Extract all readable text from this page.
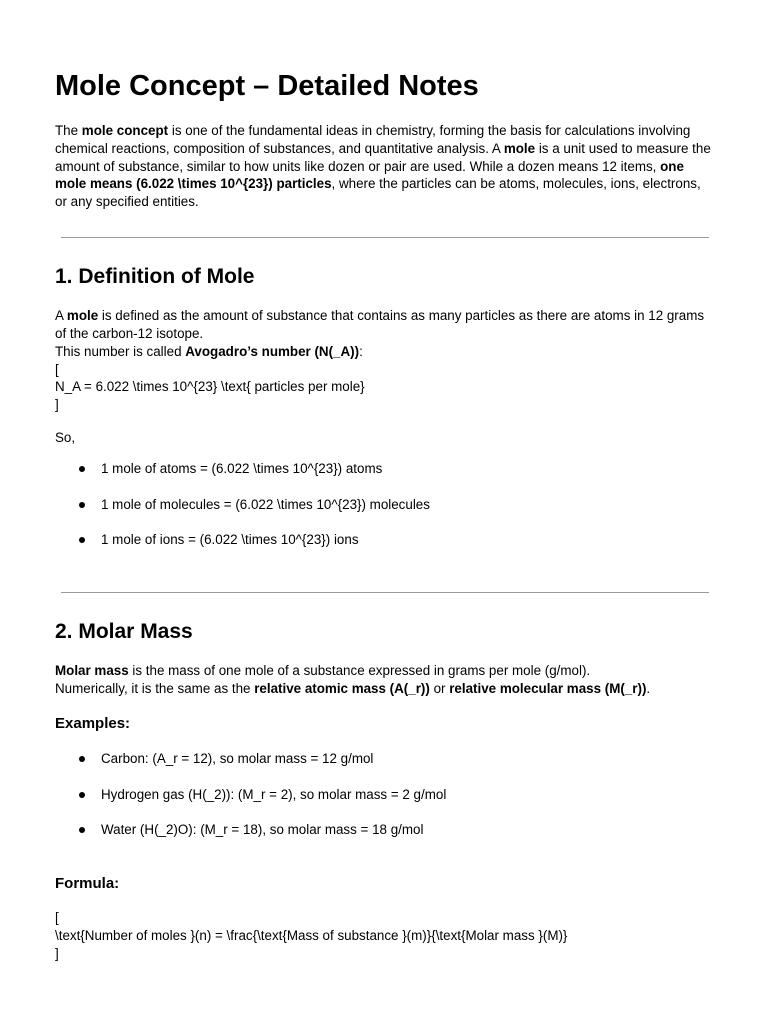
Mole Concept – Detailed Notes

The mole concept is one of the fundamental ideas in chemistry, forming the basis for calculations involving chemical reactions, composition of substances, and quantitative analysis. A mole is a unit used to measure the amount of substance, similar to how units like dozen or pair are used. While a dozen means 12 items, one mole means (6.022 \times 10^{23}) particles, where the particles can be atoms, molecules, ions, electrons, or any specified entities.

1. Definition of Mole

A mole is defined as the amount of substance that contains as many particles as there are atoms in 12 grams of the carbon-12 isotope.

This number is called Avogadro’s number (N(_A)):

[

N_A = 6.022 \times 10^{23} \text{ particles per mole}

]

So,

1 mole of atoms = (6.022 \times 10^{23}) atoms
1 mole of molecules = (6.022 \times 10^{23}) molecules
1 mole of ions = (6.022 \times 10^{23}) ions
2. Molar Mass

Molar mass is the mass of one mole of a substance expressed in grams per mole (g/mol).

Numerically, it is the same as the relative atomic mass (A(_r)) or relative molecular mass (M(_r)).

Examples:
Carbon: (A_r = 12), so molar mass = 12 g/mol
Hydrogen gas (H(_2)): (M_r = 2), so molar mass = 2 g/mol
Water (H(_2)O): (M_r = 18), so molar mass = 18 g/mol
Formula:

[

\text{Number of moles }(n) = \frac{\text{Mass of substance }(m)}{\text{Molar mass }(M)}

]
